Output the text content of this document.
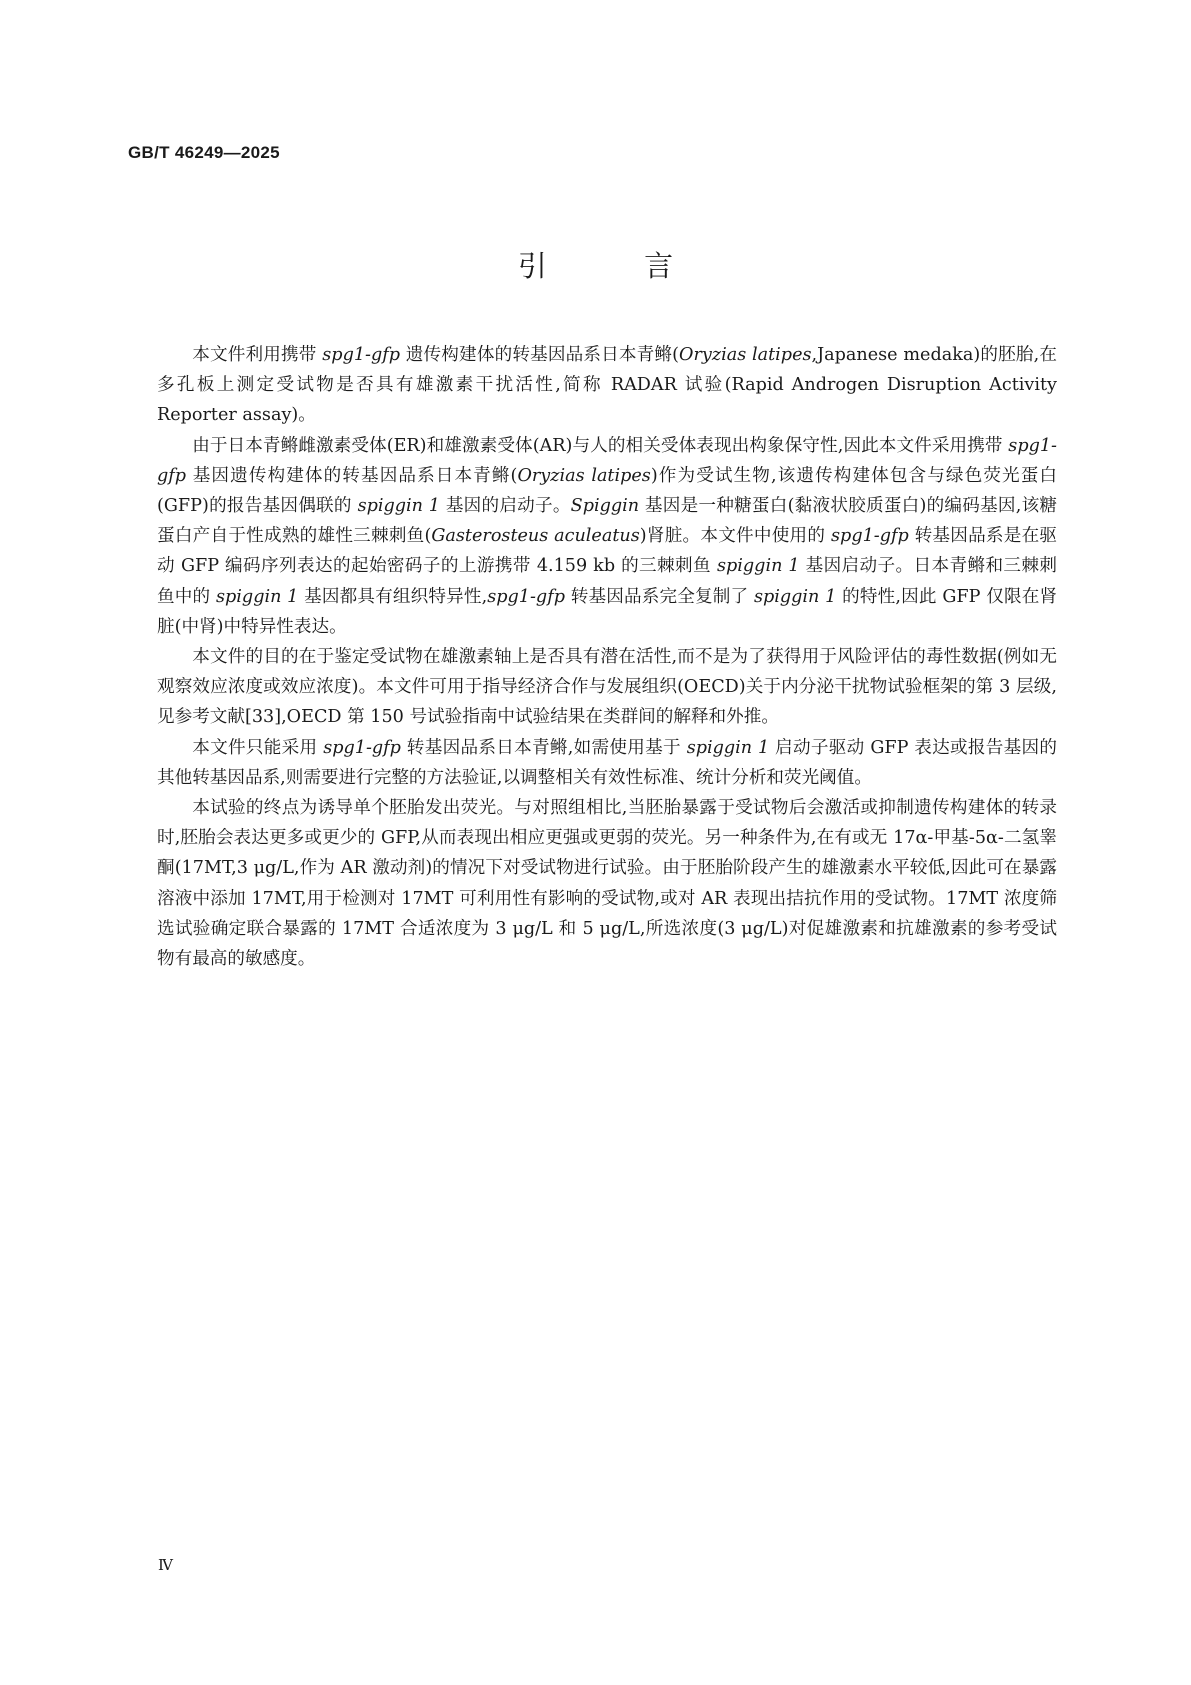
GB/T 46249—2025
引 言

本文件利用携带 spg1-gfp 遗传构建体的转基因品系日本青鳉(Oryzias latipes,Japanese medaka)的胚胎,在多孔板上测定受试物是否具有雄激素干扰活性,简称 RADAR 试验(Rapid Androgen Disruption Activity Reporter assay)。

由于日本青鳉雌激素受体(ER)和雄激素受体(AR)与人的相关受体表现出构象保守性,因此本文件采用携带 spg1-gfp 基因遗传构建体的转基因品系日本青鳉(Oryzias latipes)作为受试生物,该遗传构建体包含与绿色荧光蛋白(GFP)的报告基因偶联的 spiggin 1 基因的启动子。Spiggin 基因是一种糖蛋白(黏液状胶质蛋白)的编码基因,该糖蛋白产自于性成熟的雄性三棘刺鱼(Gasterosteus aculeatus)肾脏。本文件中使用的 spg1-gfp 转基因品系是在驱动 GFP 编码序列表达的起始密码子的上游携带 4.159 kb 的三棘刺鱼 spiggin 1 基因启动子。日本青鳉和三棘刺鱼中的 spiggin 1 基因都具有组织特异性,spg1-gfp 转基因品系完全复制了 spiggin 1 的特性,因此 GFP 仅限在肾脏(中肾)中特异性表达。

本文件的目的在于鉴定受试物在雄激素轴上是否具有潜在活性,而不是为了获得用于风险评估的毒性数据(例如无观察效应浓度或效应浓度)。本文件可用于指导经济合作与发展组织(OECD)关于内分泌干扰物试验框架的第 3 层级,见参考文献[33],OECD 第 150 号试验指南中试验结果在类群间的解释和外推。

本文件只能采用 spg1-gfp 转基因品系日本青鳉,如需使用基于 spiggin 1 启动子驱动 GFP 表达或报告基因的其他转基因品系,则需要进行完整的方法验证,以调整相关有效性标准、统计分析和荧光阈值。

本试验的终点为诱导单个胚胎发出荧光。与对照组相比,当胚胎暴露于受试物后会激活或抑制遗传构建体的转录时,胚胎会表达更多或更少的 GFP,从而表现出相应更强或更弱的荧光。另一种条件为,在有或无 17α-甲基-5α-二氢睾酮(17MT,3 μg/L,作为 AR 激动剂)的情况下对受试物进行试验。由于胚胎阶段产生的雄激素水平较低,因此可在暴露溶液中添加 17MT,用于检测对 17MT 可利用性有影响的受试物,或对 AR 表现出拮抗作用的受试物。17MT 浓度筛选试验确定联合暴露的 17MT 合适浓度为 3 μg/L 和 5 μg/L,所选浓度(3 μg/L)对促雄激素和抗雄激素的参考受试物有最高的敏感度。

Ⅳ
